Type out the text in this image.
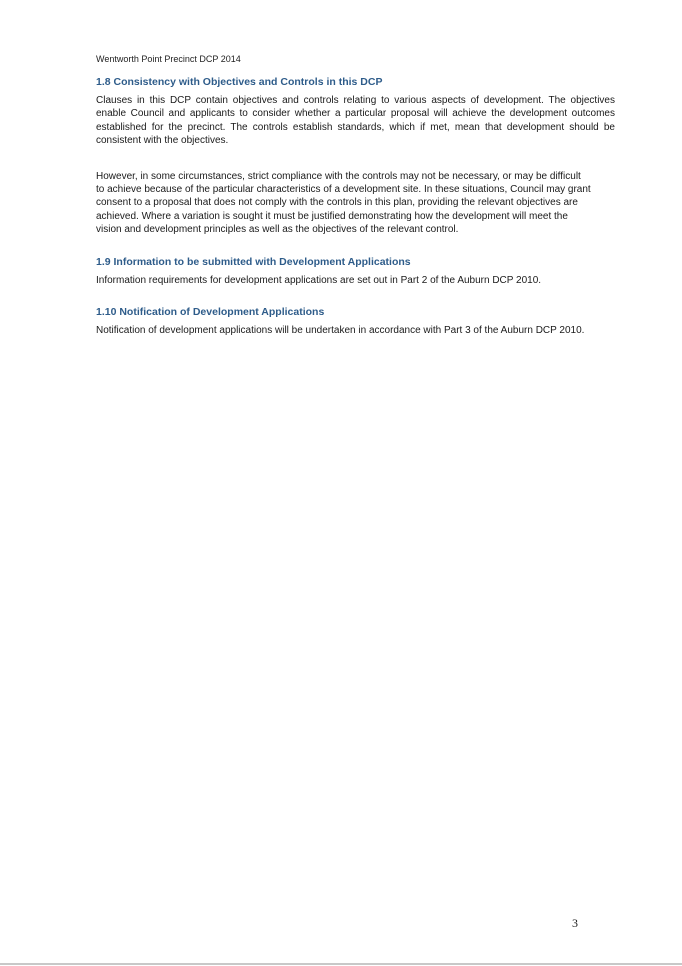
Wentworth Point Precinct DCP 2014
1.8 Consistency with Objectives and Controls in this DCP

Clauses in this DCP contain objectives and controls relating to various aspects of development. The objectives enable Council and applicants to consider whether a particular proposal will achieve the development outcomes established for the precinct. The controls establish standards, which if met, mean that development should be consistent with the objectives.

However, in some circumstances, strict compliance with the controls may not be necessary, or may be difficult to achieve because of the particular characteristics of a development site. In these situations, Council may grant consent to a proposal that does not comply with the controls in this plan, providing the relevant objectives are achieved. Where a variation is sought it must be justified demonstrating how the development will meet the vision and development principles as well as the objectives of the relevant control.

1.9 Information to be submitted with Development Applications

Information requirements for development applications are set out in Part 2 of the Auburn DCP 2010.

1.10 Notification of Development Applications

Notification of development applications will be undertaken in accordance with Part 3 of the Auburn DCP 2010.

3
